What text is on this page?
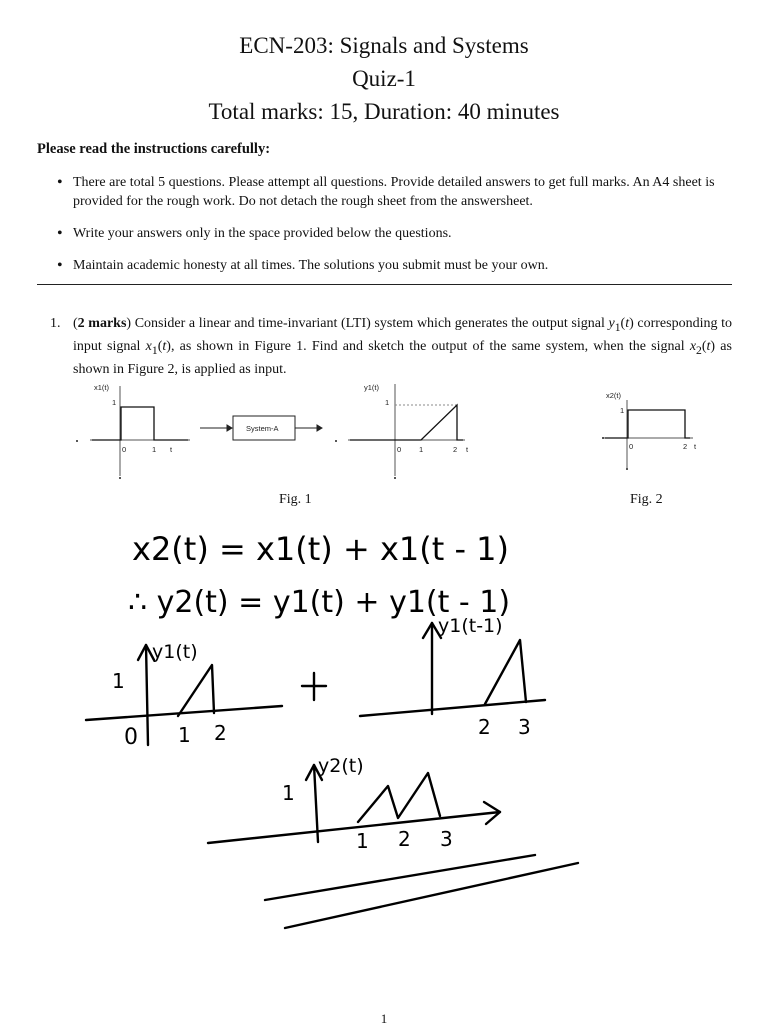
ECN-203: Signals and Systems
Quiz-1
Total marks: 15, Duration: 40 minutes
Please read the instructions carefully:
• There are total 5 questions. Please attempt all questions. Provide detailed answers to get full marks. An A4 sheet is provided for the rough work. Do not detach the rough sheet from the answersheet.
• Write your answers only in the space provided below the questions.
• Maintain academic honesty at all times. The solutions you submit must be your own.
1. (2 marks) Consider a linear and time-invariant (LTI) system which generates the output signal $y_1(t)$ corresponding to input signal $x_1(t)$, as shown in Figure 1. Find and sketch the output of the same system, when the signal $x_2(t)$ as shown in Figure 2, is applied as input.
x1(t)
1
0	1 t
System-A
y1(t)
1
0 1	2 t
x2(t)
1
0	2 t
Fig. 1	Fig. 2
x2(t) = x1(t) + x1(t - 1)
∴ y2(t) = y1(t) + y1(t - 1)
y1(t)
1
0 1 2
y1(t-1)
2 3
y2(t)
1
1 2 3
1
